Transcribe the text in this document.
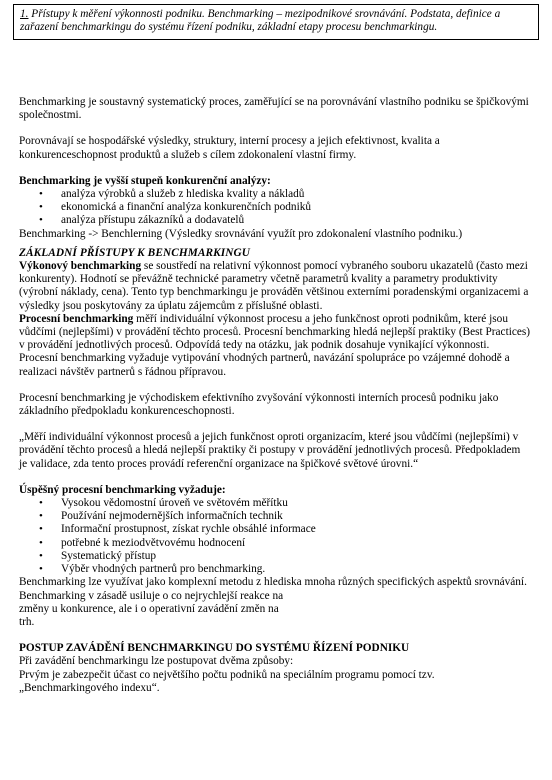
1. Přístupy k měření výkonnosti podniku. Benchmarking – mezipodnikové srovnávání. Podstata, definice a zařazení benchmarkingu do systému řízení podniku, základní etapy procesu benchmarkingu.

Benchmarking je soustavný systematický proces, zaměřující se na porovnávání vlastního podniku se špičkovými společnostmi.

Porovnávají se hospodářské výsledky, struktury, interní procesy a jejich efektivnost, kvalita a konkurenceschopnost produktů a služeb s cílem zdokonalení vlastní firmy.

Benchmarking je vyšší stupeň konkurenční analýzy:

• analýza výrobků a služeb z hlediska kvality a nákladů
• ekonomická a finanční analýza konkurenčních podniků
• analýza přístupu zákazníků a dodavatelů

Benchmarking -> Benchlerning (Výsledky srovnávání využít pro zdokonalení vlastního podniku.)

ZÁKLADNÍ PŘÍSTUPY K BENCHMARKINGU

Výkonový benchmarking se soustředí na relativní výkonnost pomocí vybraného souboru ukazatelů (často mezi konkurenty). Hodnotí se převážně technické parametry včetně parametrů kvality a parametry produktivity (výrobní náklady, cena). Tento typ benchmarkingu je prováděn většinou externími poradenskými organizacemi a výsledky jsou poskytovány za úplatu zájemcům z příslušné oblasti.

Procesní benchmarking měří individuální výkonnost procesu a jeho funkčnost oproti podnikům, které jsou vůdčími (nejlepšími) v provádění těchto procesů. Procesní benchmarking hledá nejlepší praktiky (Best Practices) v provádění jednotlivých procesů. Odpovídá tedy na otázku, jak podnik dosahuje vynikající výkonnosti. Procesní benchmarking vyžaduje vytipování vhodných partnerů, navázání spolupráce po vzájemné dohodě a realizaci návštěv partnerů s řádnou přípravou.

Procesní benchmarking je východiskem efektivního zvyšování výkonnosti interních procesů podniku jako základního předpokladu konkurenceschopnosti.

„Měří individuální výkonnost procesů a jejich funkčnost oproti organizacím, které jsou vůdčími (nejlepšími) v provádění těchto procesů a hledá nejlepší praktiky či postupy v provádění jednotlivých procesů. Předpokladem je validace, zda tento proces provádí referenční organizace na špičkové světové úrovni.“

Úspěšný procesní benchmarking vyžaduje:

• Vysokou vědomostní úroveň ve světovém měřítku
• Používání nejmodernějších informačních technik
• Informační prostupnost, získat rychle obsáhlé informace
• potřebné k meziodvětvovému hodnocení
• Systematický přístup
• Výběr vhodných partnerů pro benchmarking.

Benchmarking lze využívat jako komplexní metodu z hlediska mnoha různých specifických aspektů srovnávání. Benchmarking v zásadě usiluje o co nejrychlejší reakce na

změny u konkurence, ale i o operativní zavádění změn na

trh.

POSTUP ZAVÁDĚNÍ BENCHMARKINGU DO SYSTÉMU ŘÍZENÍ PODNIKU

Při zavádění benchmarkingu lze postupovat dvěma způsoby:

Prvým je zabezpečit účast co největšího počtu podniků na speciálním programu pomocí tzv.

„Benchmarkingového indexu“.
